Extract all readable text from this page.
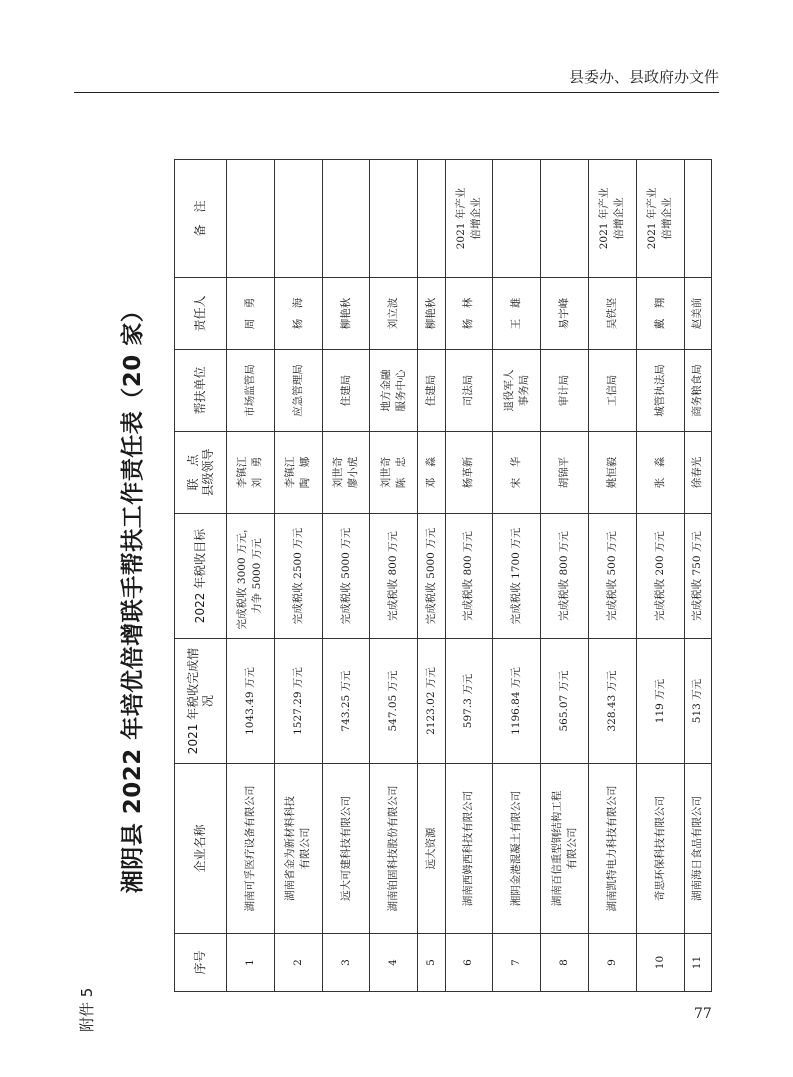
县委办、县政府办文件
附件 5
湘阴县 2022 年培优倍增联手帮扶工作责任表（20 家）
序号	企业名称	2021 年税收完成情况	2022 年税收目标	联　点
县级领导	帮扶单位	责任人	备　注
1	湖南可孚医疗设备有限公司	1043.49 万元	完成税收 3000 万元，
力争 5000 万元	李镇江
刘　勇	市场监管局	周　勇	
2	湖南省金为新材料科技
有限公司	1527.29 万元	完成税收 2500 万元	李镇江
陶　娜	应急管理局	杨　海	
3	远大可建科技有限公司	743.25 万元	完成税收 5000 万元	刘世奇
廖小虎	住建局	柳艳秋	
4	湖南铂固科技股份有限公司	547.05 万元	完成税收 800 万元	刘世奇
陈　忠	地方金融
服务中心	刘立波	
5	远大资源	2123.02 万元	完成税收 5000 万元	邓　淼	住建局	柳艳秋	
6	湖南西姆西科技有限公司	597.3 万元	完成税收 800 万元	杨革新	司法局	杨　林	2021 年产业
倍增企业
7	湘阴金港混凝土有限公司	1196.84 万元	完成税收 1700 万元	宋　华	退役军人
事务局	王　雄	
8	湖南百信重型钢结构工程
有限公司	565.07 万元	完成税收 800 万元	胡锦平	审计局	易宇峰	
9	湖南凯特电力科技有限公司	328.43 万元	完成税收 500 万元	姚恒毅	工信局	吴铁坚	2021 年产业
倍增企业
10	奇思环保科技有限公司	119 万元	完成税收 200 万元	张　淼	城管执法局	戴　翔	2021 年产业
倍增企业
11	湖南海日食品有限公司	513 万元	完成税收 750 万元	徐春光	商务粮食局	赵美前	
77
